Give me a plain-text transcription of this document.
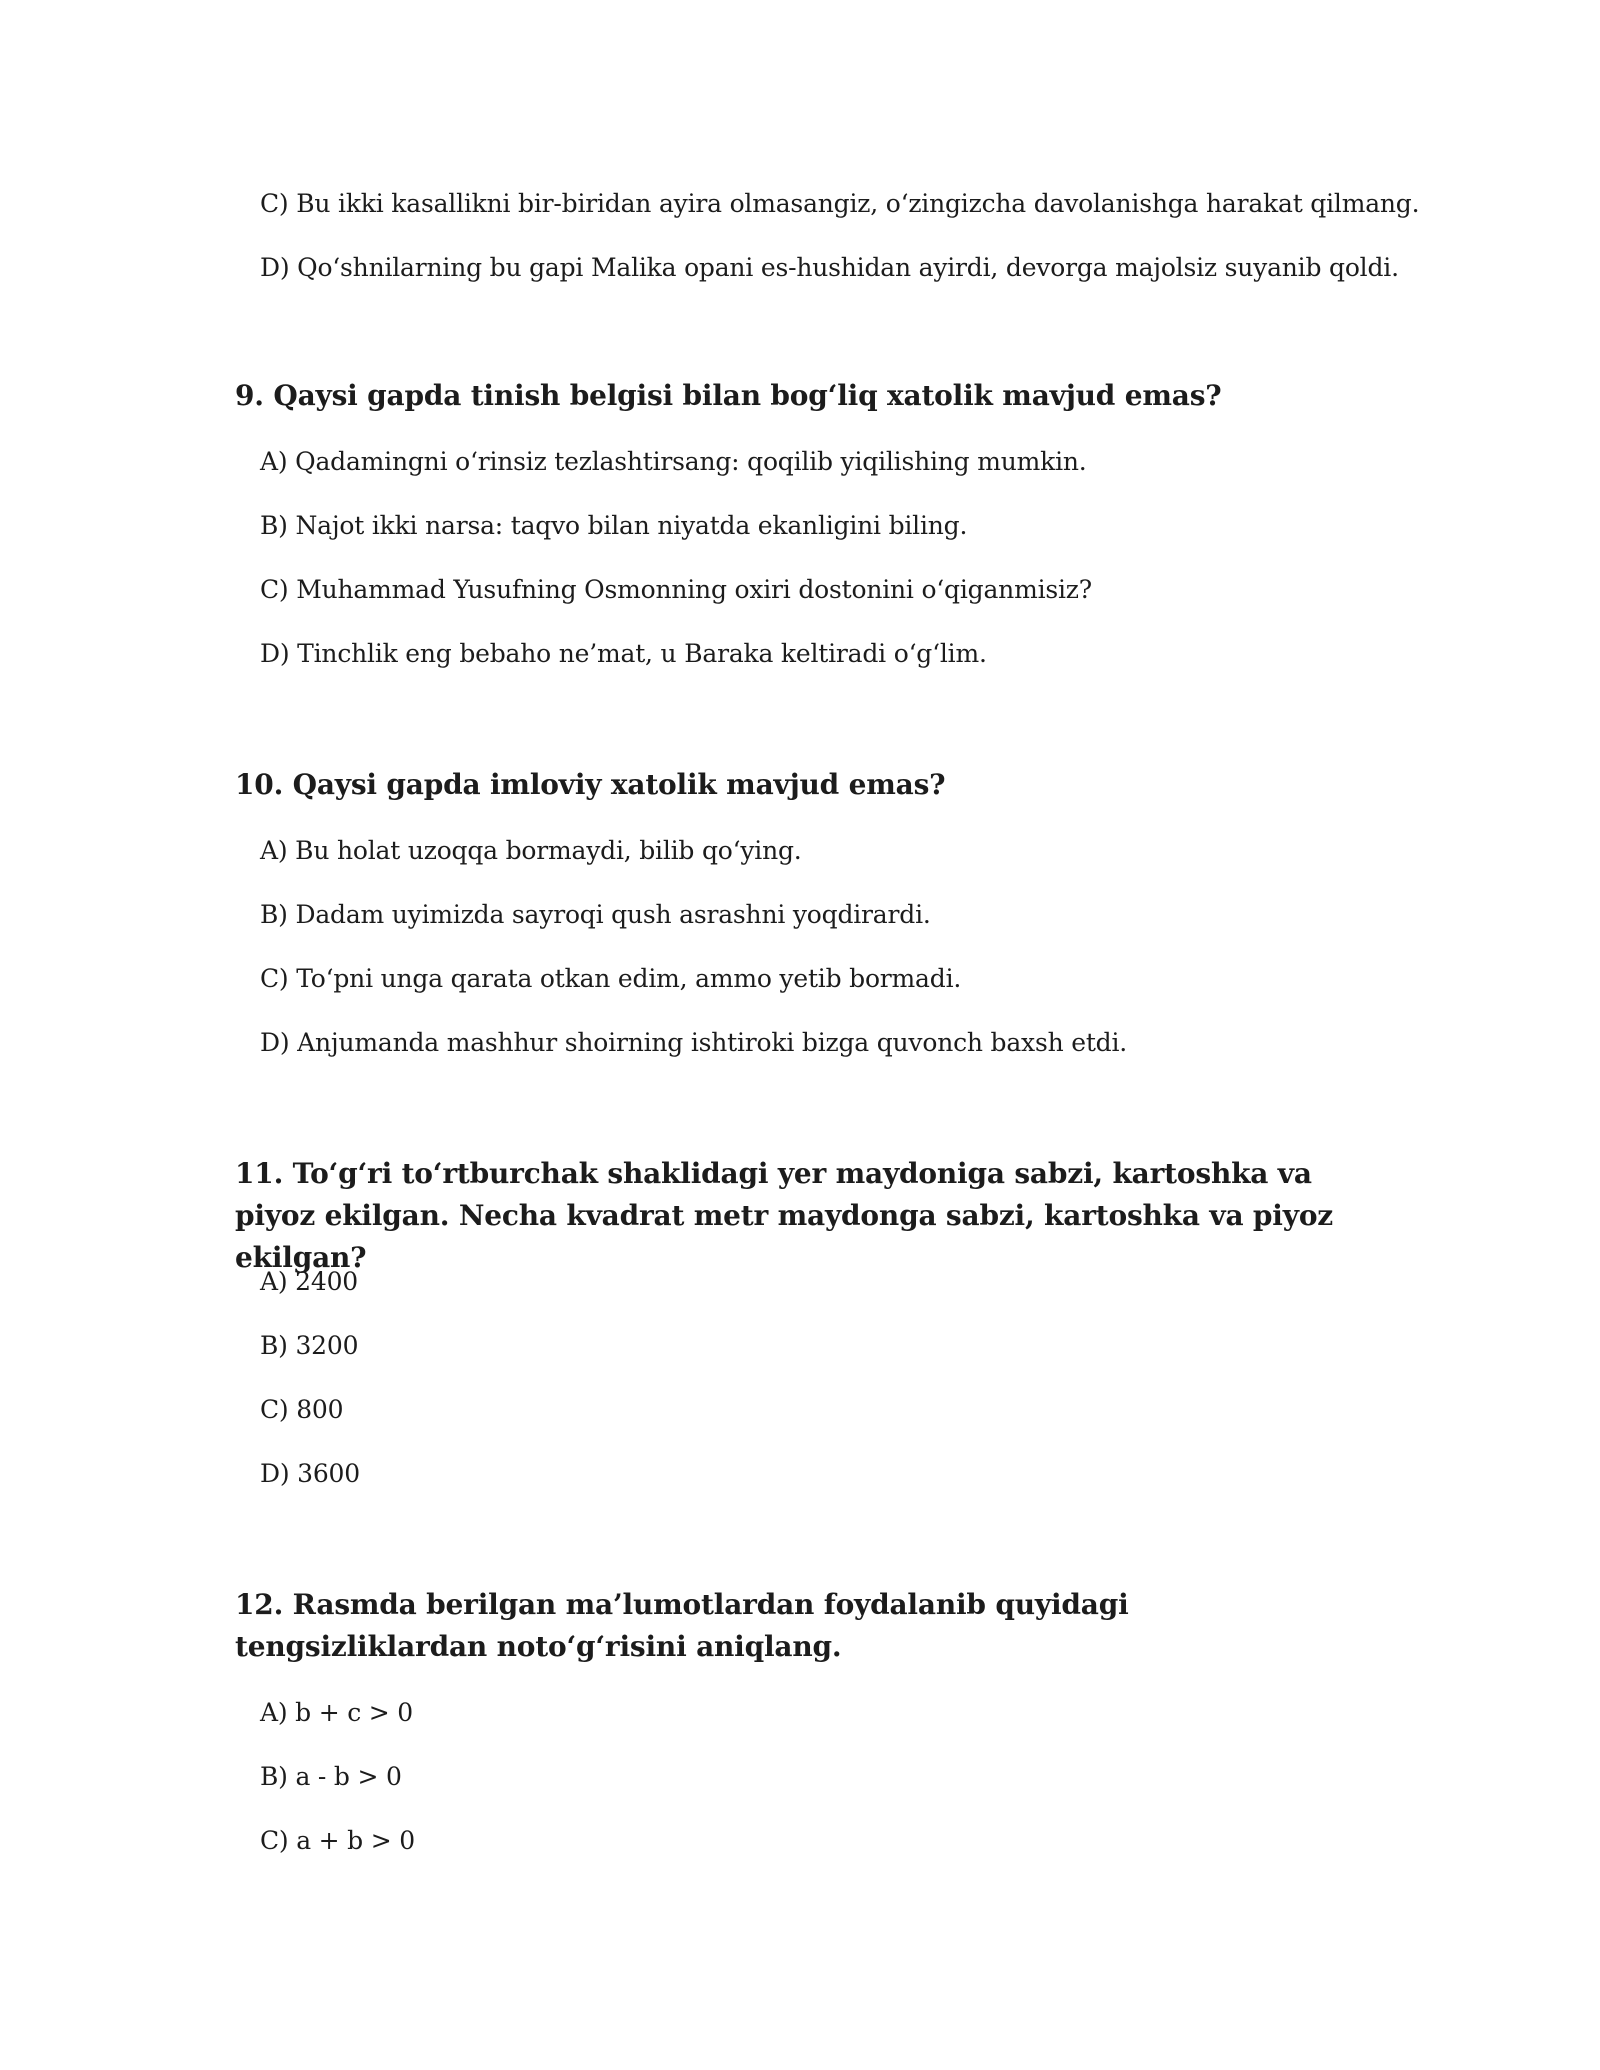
C) Bu ikki kasallikni bir-biridan ayira olmasangiz, o‘zingizcha davolanishga harakat qilmang.
D) Qo‘shnilarning bu gapi Malika opani es-hushidan ayirdi, devorga majolsiz suyanib qoldi.
9. Qaysi gapda tinish belgisi bilan bog‘liq xatolik mavjud emas?
A) Qadamingni o‘rinsiz tezlashtirsang: qoqilib yiqilishing mumkin.
B) Najot ikki narsa: taqvo bilan niyatda ekanligini biling.
C) Muhammad Yusufning Osmonning oxiri dostonini o‘qiganmisiz?
D) Tinchlik eng bebaho ne’mat, u Baraka keltiradi o‘g‘lim.
10. Qaysi gapda imloviy xatolik mavjud emas?
A) Bu holat uzoqqa bormaydi, bilib qo‘ying.
B) Dadam uyimizda sayroqi qush asrashni yoqdirardi.
C) To‘pni unga qarata otkan edim, ammo yetib bormadi.
D) Anjumanda mashhur shoirning ishtiroki bizga quvonch baxsh etdi.
11. To‘g‘ri to‘rtburchak shaklidagi yer maydoniga sabzi, kartoshka va piyoz ekilgan. Necha kvadrat metr maydonga sabzi, kartoshka va piyoz ekilgan?
A) 2400
B) 3200
C) 800
D) 3600
12. Rasmda berilgan ma’lumotlardan foydalanib quyidagi tengsizliklardan noto‘g‘risini aniqlang.
A) b + c > 0
B) a - b > 0
C) a + b > 0
